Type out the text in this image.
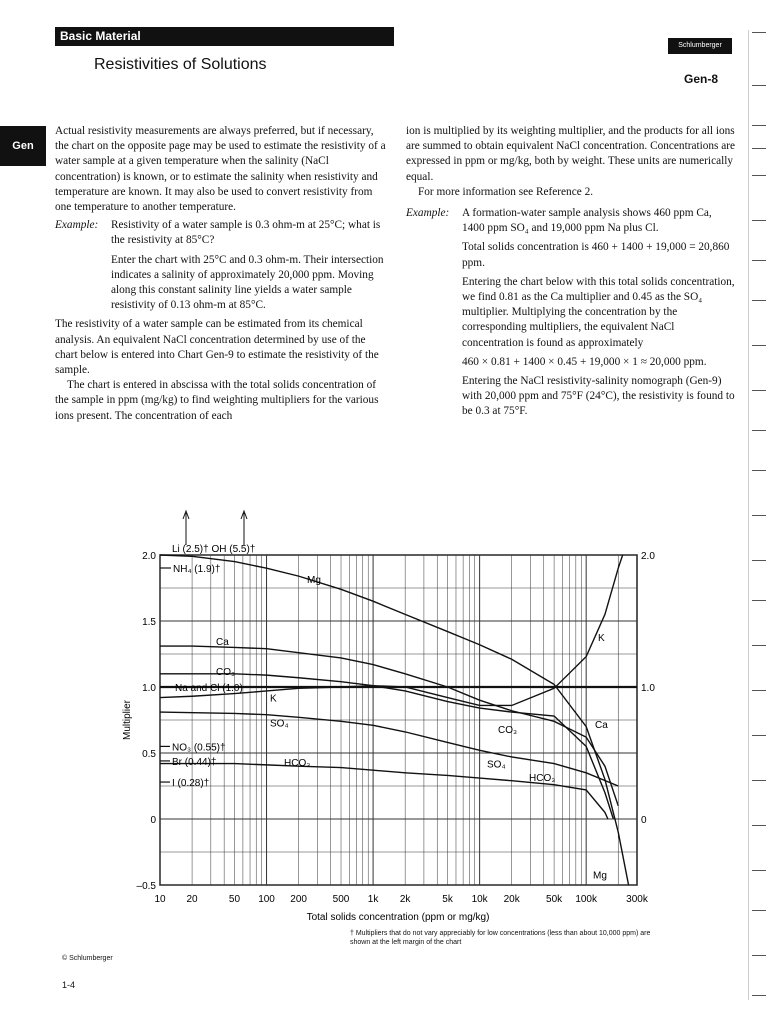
Basic Material
Resistivities of Solutions
Schlumberger
Gen-8
Gen

Actual resistivity measurements are always preferred, but if necessary, the chart on the opposite page may be used to estimate the resistivity of a water sample at a given temperature when the salinity (NaCl concentration) is known, or to estimate the salinity when resistivity and temperature are known. It may also be used to convert resistivity from one temperature to another temperature.

Example: Resistivity of a water sample is 0.3 ohm-m at 25°C; what is the resistivity at 85°C?

Enter the chart with 25°C and 0.3 ohm-m. Their intersection indicates a salinity of approximately 20,000 ppm. Moving along this constant salinity line yields a water sample resistivity of 0.13 ohm-m at 85°C.

The resistivity of a water sample can be estimated from its chemical analysis. An equivalent NaCl concentration determined by use of the chart below is entered into Chart Gen-9 to estimate the resistivity of the sample.

The chart is entered in abscissa with the total solids concentration of the sample in ppm (mg/kg) to find weighting multipliers for the various ions present. The concentration of each

ion is multiplied by its weighting multiplier, and the products for all ions are summed to obtain equivalent NaCl concentration. Concentrations are expressed in ppm or mg/kg, both by weight. These units are numerically equal.

For more information see Reference 2.

Example: A formation-water sample analysis shows 460 ppm Ca, 1400 ppm SO₄ and 19,000 ppm Na plus Cl.

Total solids concentration is 460 + 1400 + 19,000 = 20,860 ppm.

Entering the chart below with this total solids concentration, we find 0.81 as the Ca multiplier and 0.45 as the SO₄ multiplier. Multiplying the concentration by the corresponding multipliers, the equivalent NaCl concentration is found as approximately

460 × 0.81 + 1400 × 0.45 + 19,000 × 1 ≈ 20,000 ppm.

Entering the NaCl resistivity-salinity nomograph (Gen-9) with 20,000 ppm and 75°F (24°C), the resistivity is found to be 0.3 at 75°F.

10 20	50 100 200	500 1k 2k	5k 10k 20k	50k 100k	300k
2.0
1.5
1.0
0.5
0
–0.5
2.0
1.0
0
Li (2.5)† OH (5.5)†
NH₄ (1.9)†
Na and Cl (1.0)
NO₃ (0.55)†
Br (0.44)†
I (0.28)†
Mg
Ca
CO₃
K
SO₄
HCO₃
K
CO₃	Ca
SO₄
HCO₃
Mg
Multiplier
Total solids concentration (ppm or mg/kg)
† Multipliers that do not vary appreciably for low concentrations (less than about 10,000 ppm) are shown at the left margin of the chart
© Schlumberger
1-4
